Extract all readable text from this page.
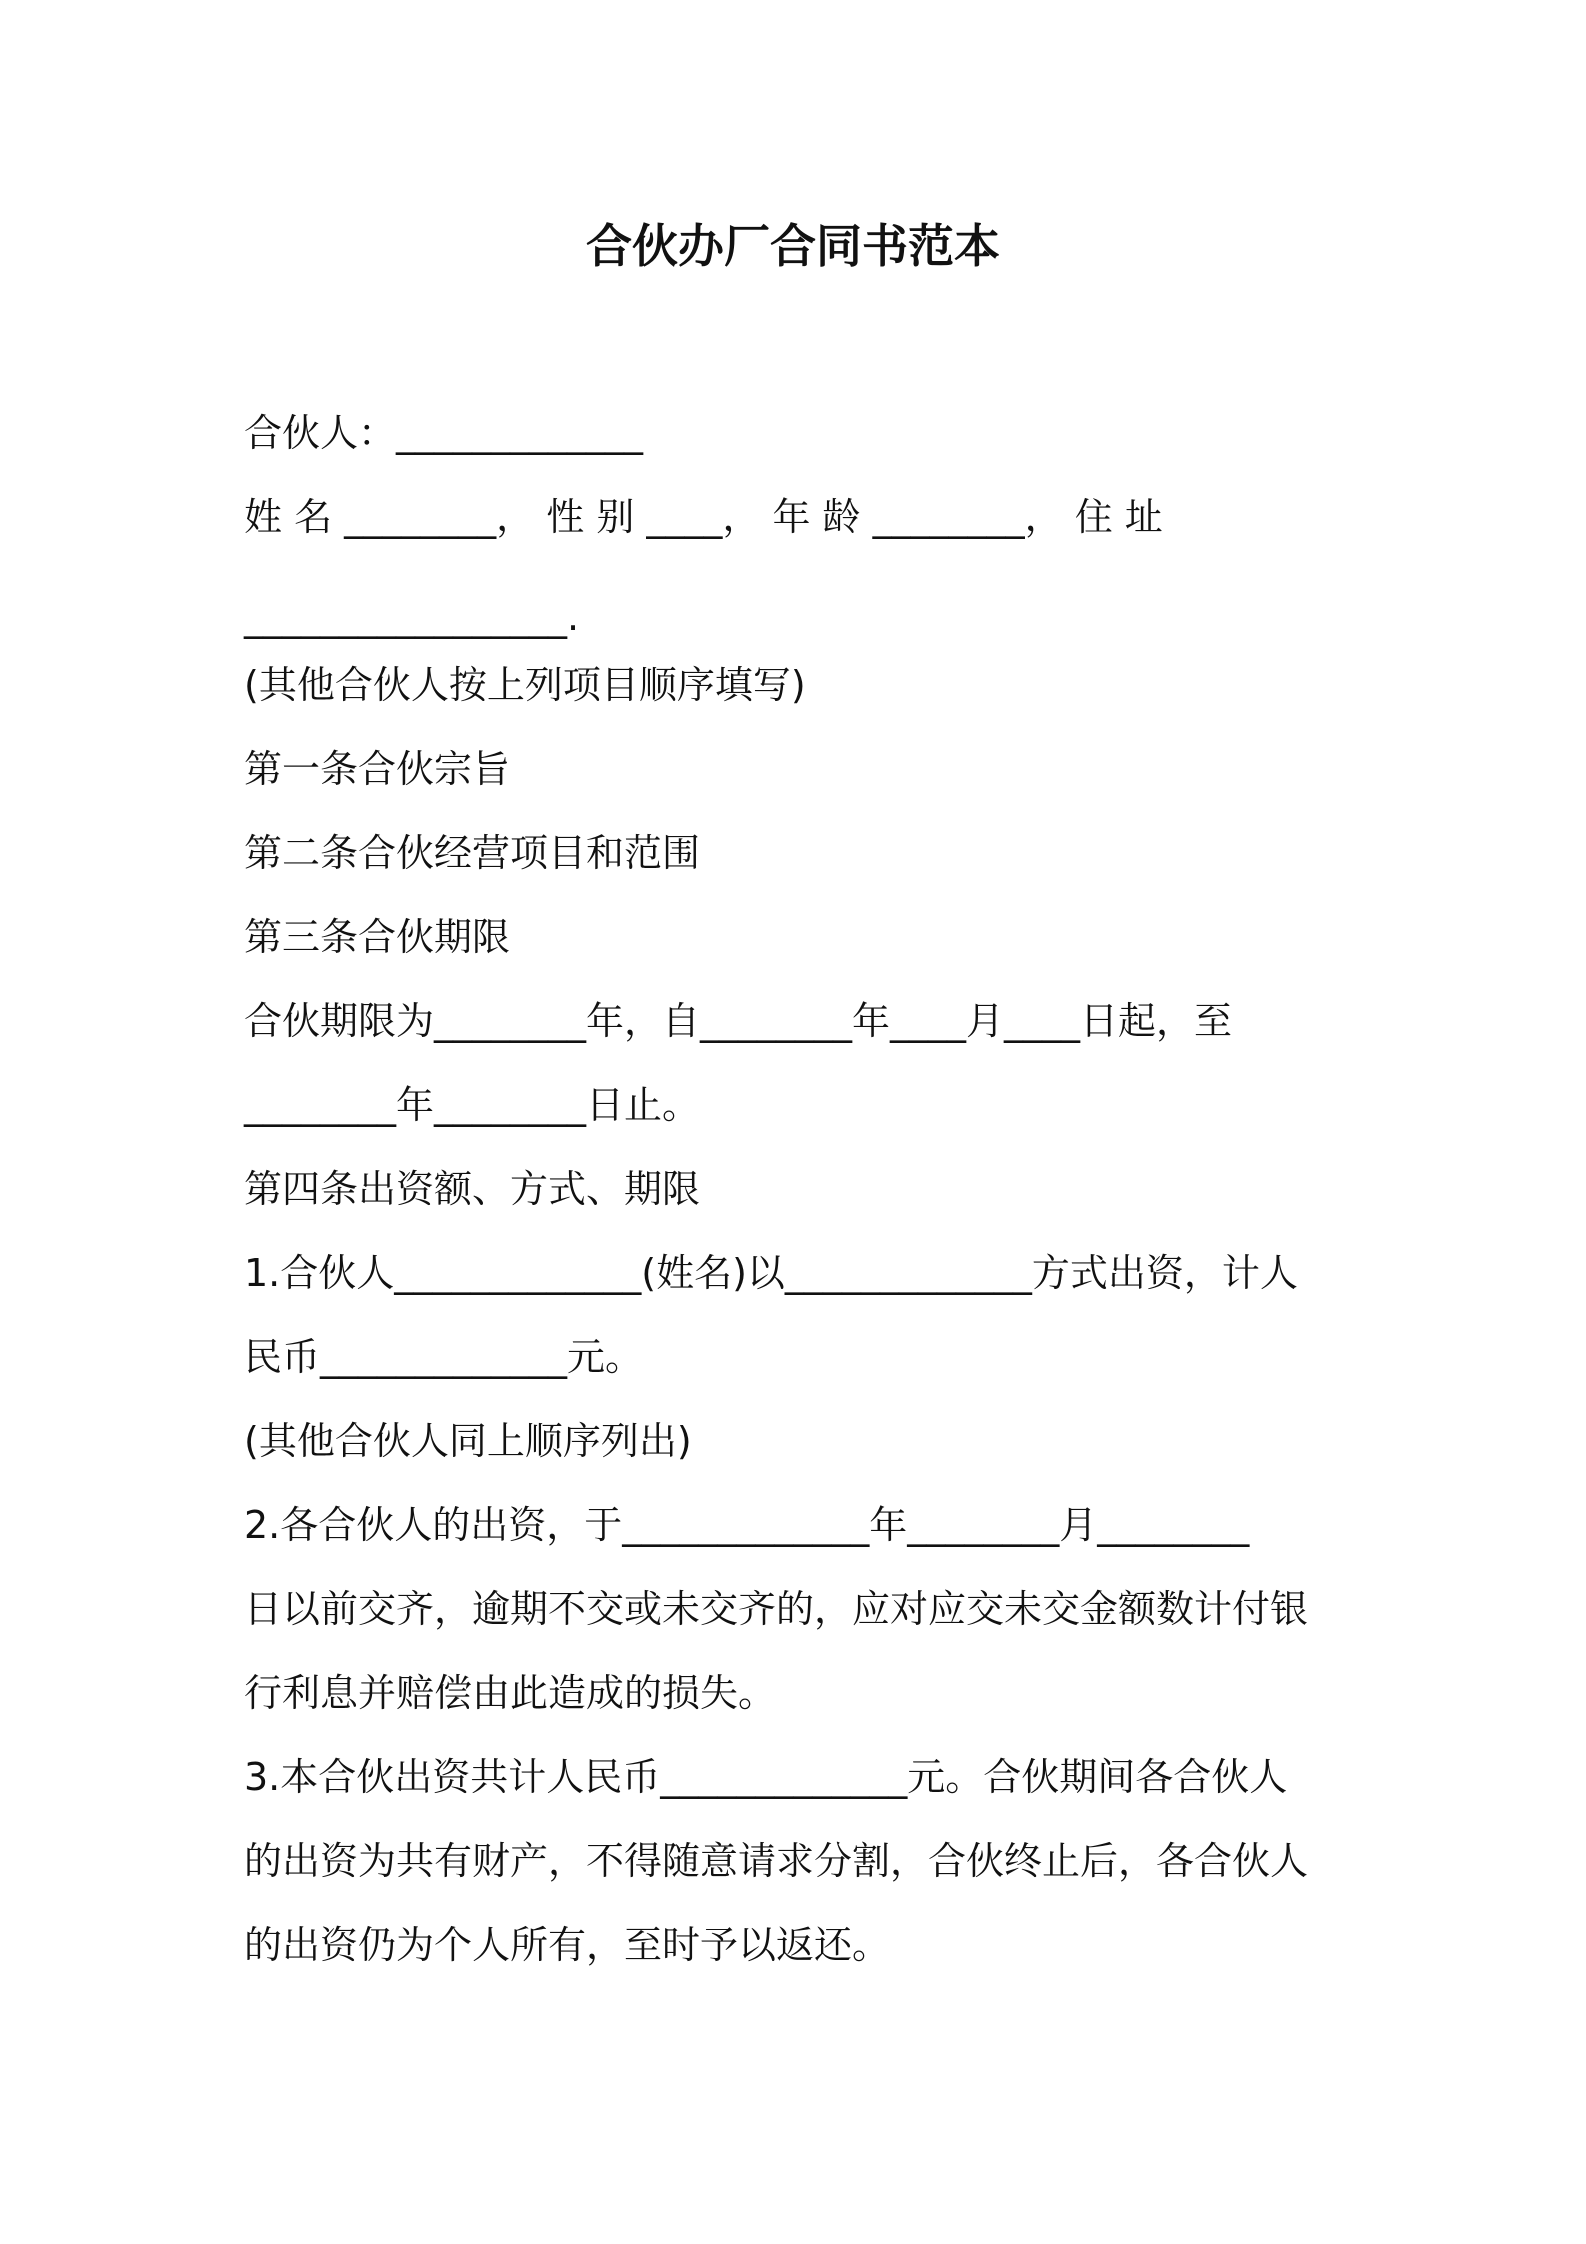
合伙办厂合同书范本
合伙人：_____________
姓 名 ________， 性 别 ____， 年 龄 ________， 住 址
_________________.
(其他合伙人按上列项目顺序填写)
第一条合伙宗旨
第二条合伙经营项目和范围
第三条合伙期限
合伙期限为________年，自________年____月____日起，至
________年________日止。
第四条出资额、方式、期限
1.合伙人_____________(姓名)以_____________方式出资，计人
民币_____________元。
(其他合伙人同上顺序列出)
2.各合伙人的出资，于_____________年________月________
日以前交齐，逾期不交或未交齐的，应对应交未交金额数计付银
行利息并赔偿由此造成的损失。
3.本合伙出资共计人民币_____________元。合伙期间各合伙人
的出资为共有财产，不得随意请求分割，合伙终止后，各合伙人
的出资仍为个人所有，至时予以返还。
